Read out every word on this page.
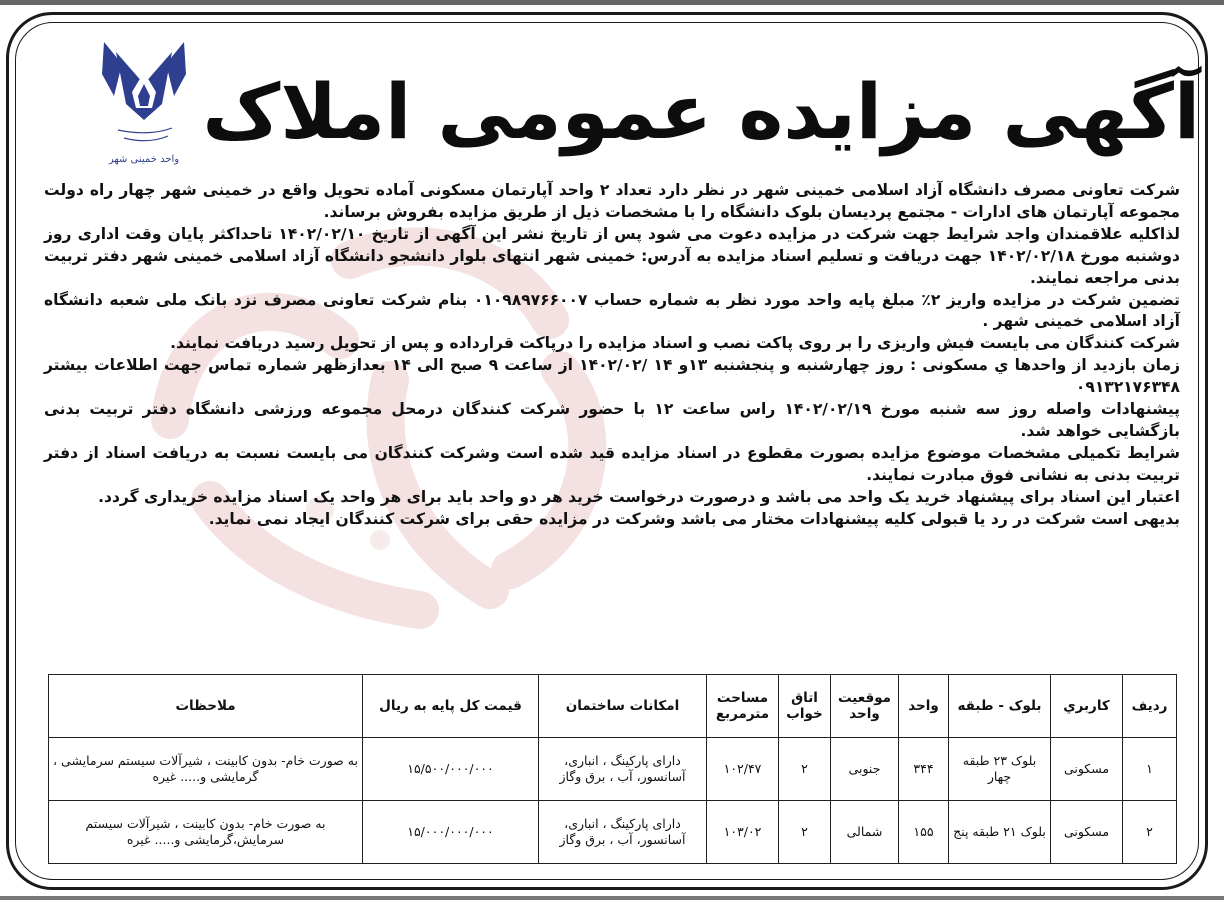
واحد خمینی شهر
آگهی مزایده عمومی املاک

شرکت تعاونی مصرف دانشگاه آزاد اسلامی خمینی شهر در نظر دارد تعداد ۲ واحد آپارتمان مسکونی آماده تحویل واقع در خمینی شهر چهار راه دولت مجموعه آپارتمان های ادارات - مجتمع پردیسان بلوک دانشگاه را با مشخصات ذیل از طریق مزایده بفروش برساند.

لذاکلیه علاقمندان واجد شرایط جهت شرکت در مزایده دعوت می شود پس از تاریخ نشر این آگهی از تاریخ ۱۴۰۲/۰۲/۱۰ تاحداکثر پایان وقت اداری روز دوشنبه مورخ ۱۴۰۲/۰۲/۱۸ جهت دریافت و تسلیم اسناد مزایده به آدرس: خمینی شهر انتهای بلوار دانشجو دانشگاه آزاد اسلامی خمینی شهر دفتر تربیت بدنی مراجعه نمایند.

تضمین شرکت در مزایده واریز ۲٪ مبلغ پایه واحد مورد نظر به شماره حساب ۰۱۰۹۸۹۷۶۶۰۰۷ بنام شرکت تعاونی مصرف نزد بانک ملی شعبه دانشگاه آزاد اسلامی خمینی شهر .

شرکت کنندگان می بایست فیش واریزی را بر روی پاکت نصب و اسناد مزایده را درپاکت قرارداده و پس از تحویل رسید دریافت نمایند.

زمان بازدید از واحدها ي مسکونی : روز چهارشنبه و پنجشنبه ۱۳و ۱۴ /۱۴۰۲/۰۲ از ساعت ۹ صبح الی ۱۴ بعدازظهر شماره تماس جهت اطلاعات بیشتر ۰۹۱۳۲۱۷۶۳۴۸

پیشنهادات واصله روز سه شنبه مورخ ۱۴۰۲/۰۲/۱۹ راس ساعت ۱۲ با حضور شرکت کنندگان درمحل مجموعه ورزشی دانشگاه دفتر تربیت بدنی بازگشایی خواهد شد.

شرایط تکمیلی مشخصات موضوع مزایده بصورت مقطوع در اسناد مزایده قید شده است وشرکت کنندگان می بایست نسبت به دریافت اسناد از دفتر تربیت بدنی به نشانی فوق مبادرت نمایند.

اعتبار این اسناد برای پیشنهاد خرید یک واحد می باشد و درصورت درخواست خرید هر دو واحد باید برای هر واحد یک اسناد مزایده خریداری گردد.

بدیهی است شرکت در رد یا قبولی کلیه پیشنهادات مختار می باشد وشرکت در مزایده حقی برای شرکت کنندگان ایجاد نمی نماید.

ردیف	كاربري	بلوک - طبقه	واحد	موقعیت واحد	اتاق خواب	مساحت مترمربع	امکانات ساختمان	قیمت کل پایه به ریال	ملاحظات
۱	مسکونی	بلوک ۲۳ طبقه چهار	۳۴۴	جنوبی	۲	۱۰۲/۴۷	دارای پارکینگ ، انباری، آسانسور، آب ، برق وگاز	۱۵/۵۰۰/۰۰۰/۰۰۰	به صورت خام- بدون کابینت ، شیرآلات سیستم سرمایشی ، گرمایشی و..... غیره
۲	مسکونی	بلوک ۲۱ طبقه پنج	۱۵۵	شمالی	۲	۱۰۳/۰۲	دارای پارکینگ ، انباری، آسانسور، آب ، برق وگاز	۱۵/۰۰۰/۰۰۰/۰۰۰	به صورت خام- بدون کابینت ، شیرآلات سیستم سرمایش،گرمایشی و..... غیره
